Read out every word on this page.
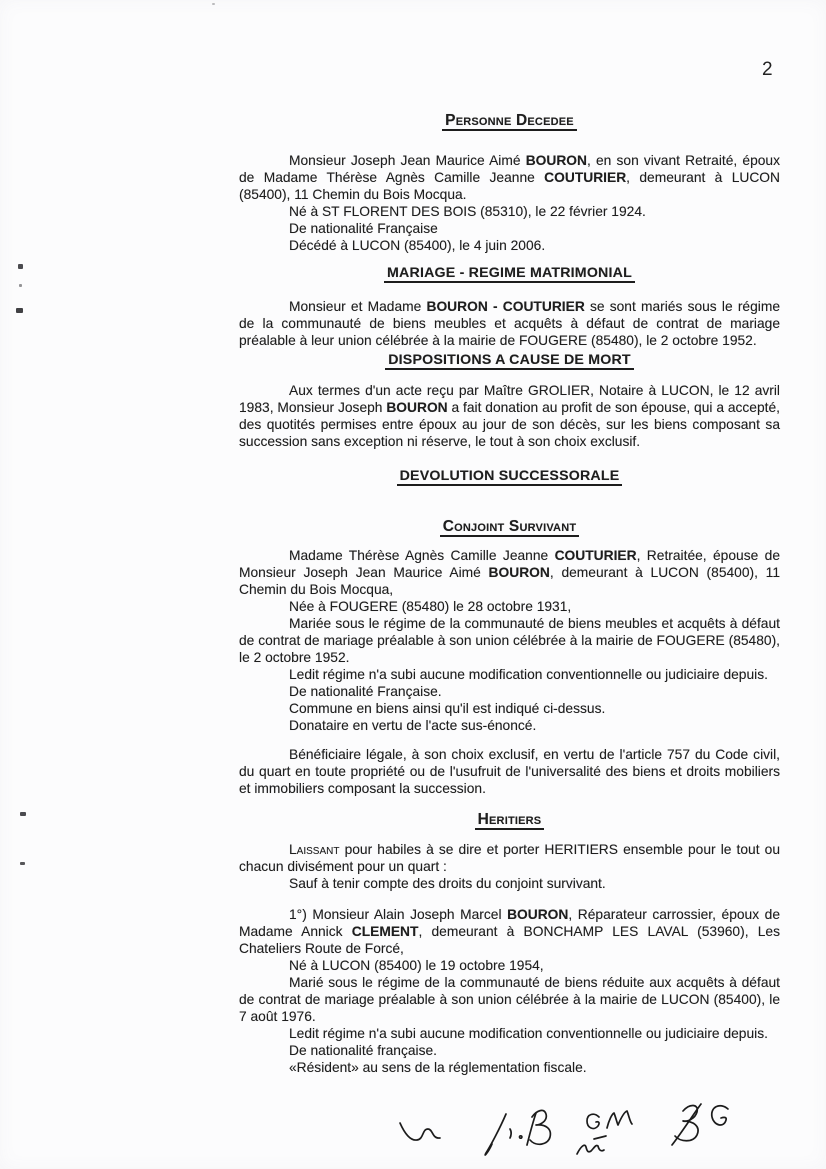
2
Personne Decedee
Monsieur Joseph Jean Maurice Aimé BOURON, en son vivant Retraité, époux de Madame Thérèse Agnès Camille Jeanne COUTURIER, demeurant à LUCON (85400), 11 Chemin du Bois Mocqua.
Né à ST FLORENT DES BOIS (85310), le 22 février 1924.
De nationalité Française
Décédé à LUCON (85400), le 4 juin 2006.
MARIAGE - REGIME MATRIMONIAL
Monsieur et Madame BOURON - COUTURIER se sont mariés sous le régime de la communauté de biens meubles et acquêts à défaut de contrat de mariage préalable à leur union célébrée à la mairie de FOUGERE (85480), le 2 octobre 1952.
DISPOSITIONS A CAUSE DE MORT
Aux termes d'un acte reçu par Maître GROLIER, Notaire à LUCON, le 12 avril 1983, Monsieur Joseph BOURON a fait donation au profit de son épouse, qui a accepté, des quotités permises entre époux au jour de son décès, sur les biens composant sa succession sans exception ni réserve, le tout à son choix exclusif.
DEVOLUTION SUCCESSORALE
Conjoint Survivant
Madame Thérèse Agnès Camille Jeanne COUTURIER, Retraitée, épouse de Monsieur Joseph Jean Maurice Aimé BOURON, demeurant à LUCON (85400), 11 Chemin du Bois Mocqua,
Née à FOUGERE (85480) le 28 octobre 1931,
Mariée sous le régime de la communauté de biens meubles et acquêts à défaut de contrat de mariage préalable à son union célébrée à la mairie de FOUGERE (85480), le 2 octobre 1952.
Ledit régime n'a subi aucune modification conventionnelle ou judiciaire depuis.
De nationalité Française.
Commune en biens ainsi qu'il est indiqué ci-dessus.
Donataire en vertu de l'acte sus-énoncé.
Bénéficiaire légale, à son choix exclusif, en vertu de l'article 757 du Code civil, du quart en toute propriété ou de l'usufruit de l'universalité des biens et droits mobiliers et immobiliers composant la succession.
Heritiers
Laissant pour habiles à se dire et porter HERITIERS ensemble pour le tout ou chacun divisément pour un quart :
Sauf à tenir compte des droits du conjoint survivant.
1°) Monsieur Alain Joseph Marcel BOURON, Réparateur carrossier, époux de Madame Annick CLEMENT, demeurant à BONCHAMP LES LAVAL (53960), Les Chateliers Route de Forcé,
Né à LUCON (85400) le 19 octobre 1954,
Marié sous le régime de la communauté de biens réduite aux acquêts à défaut de contrat de mariage préalable à son union célébrée à la mairie de LUCON (85400), le 7 août 1976.
Ledit régime n'a subi aucune modification conventionnelle ou judiciaire depuis.
De nationalité française.
«Résident» au sens de la réglementation fiscale.
